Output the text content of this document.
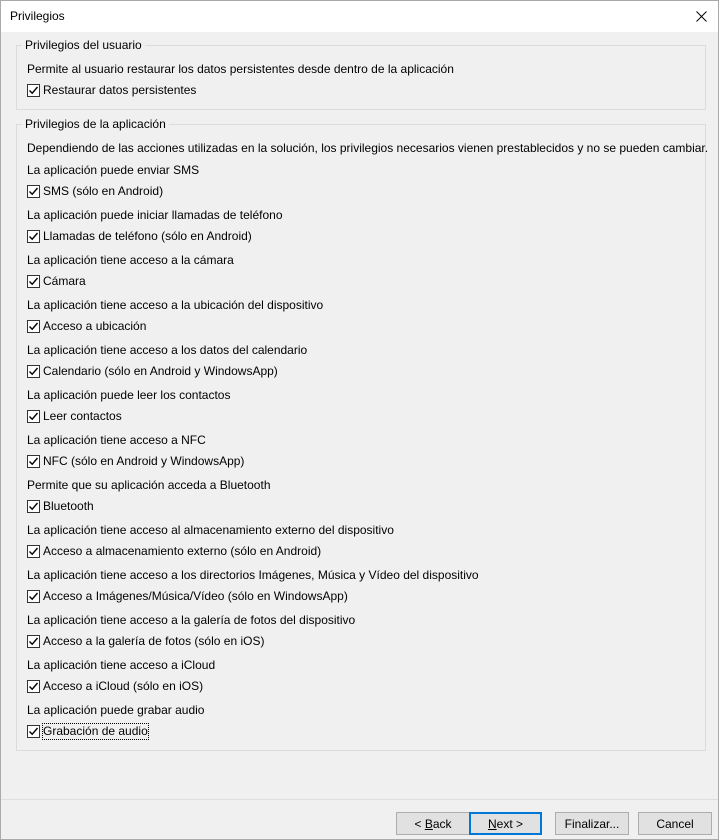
Privilegios
Privilegios del usuario
Permite al usuario restaurar los datos persistentes desde dentro de la aplicación
Restaurar datos persistentes
Privilegios de la aplicación
Dependiendo de las acciones utilizadas en la solución, los privilegios necesarios vienen prestablecidos y no se pueden cambiar.
La aplicación puede enviar SMS
SMS (sólo en Android)
La aplicación puede iniciar llamadas de teléfono
Llamadas de teléfono (sólo en Android)
La aplicación tiene acceso a la cámara
Cámara
La aplicación tiene acceso a la ubicación del dispositivo
Acceso a ubicación
La aplicación tiene acceso a los datos del calendario
Calendario (sólo en Android y WindowsApp)
La aplicación puede leer los contactos
Leer contactos
La aplicación tiene acceso a NFC
NFC (sólo en Android y WindowsApp)
Permite que su aplicación acceda a Bluetooth
Bluetooth
La aplicación tiene acceso al almacenamiento externo del dispositivo
Acceso a almacenamiento externo (sólo en Android)
La aplicación tiene acceso a los directorios Imágenes, Música y Vídeo del dispositivo
Acceso a Imágenes/Música/Vídeo (sólo en WindowsApp)
La aplicación tiene acceso a la galería de fotos del dispositivo
Acceso a la galería de fotos (sólo en iOS)
La aplicación tiene acceso a iCloud
Acceso a iCloud (sólo en iOS)
La aplicación puede grabar audio
Grabación de audio
< B ack	N ext >	Finalizar...	Cancel
